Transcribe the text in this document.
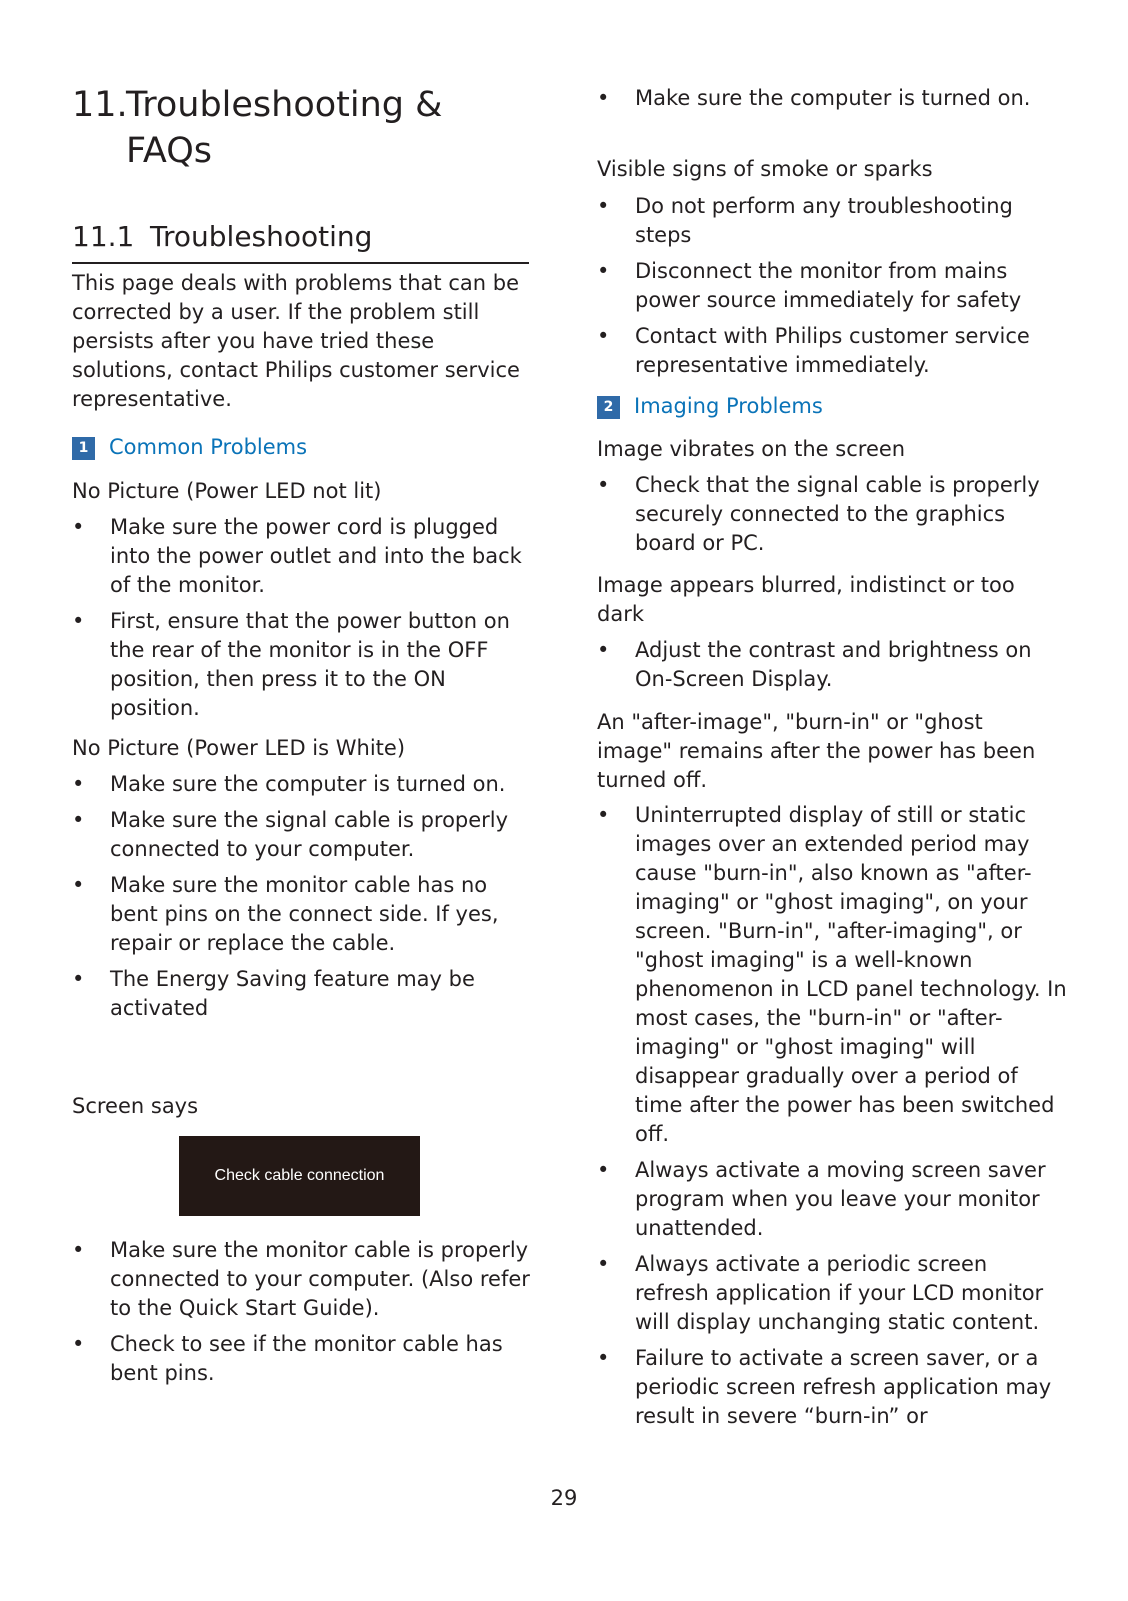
11.Troubleshooting &
FAQs
11.1 Troubleshooting

This page deals with problems that can be corrected by a user. If the problem still persists after you have tried these solutions, contact Philips customer service representative.

1 Common Problems
No Picture (Power LED not lit)
• Make sure the power cord is plugged into the power outlet and into the back of the monitor.
• First, ensure that the power button on the rear of the monitor is in the OFF position, then press it to the ON position.
No Picture (Power LED is White)
• Make sure the computer is turned on.
• Make sure the signal cable is properly connected to your computer.
• Make sure the monitor cable has no bent pins on the connect side. If yes, repair or replace the cable.
• The Energy Saving feature may be activated
Screen says
Check cable connection
• Make sure the monitor cable is properly connected to your computer. (Also refer to the Quick Start Guide).
• Check to see if the monitor cable has bent pins.
• Make sure the computer is turned on.
Visible signs of smoke or sparks
• Do not perform any troubleshooting steps
• Disconnect the monitor from mains power source immediately for safety
• Contact with Philips customer service representative immediately.
2 Imaging Problems
Image vibrates on the screen
• Check that the signal cable is properly securely connected to the graphics board or PC.
Image appears blurred, indistinct or too dark
• Adjust the contrast and brightness on On-Screen Display.
An "after-image", "burn-in" or "ghost image" remains after the power has been turned off.
• Uninterrupted display of still or static images over an extended period may cause "burn-in", also known as "after-imaging" or "ghost imaging", on your screen. "Burn-in", "after-imaging", or "ghost imaging" is a well-known phenomenon in LCD panel technology. In most cases, the "burn-in" or "after-imaging" or "ghost imaging" will disappear gradually over a period of time after the power has been switched off.
• Always activate a moving screen saver program when you leave your monitor unattended.
• Always activate a periodic screen refresh application if your LCD monitor will display unchanging static content.
• Failure to activate a screen saver, or a periodic screen refresh application may result in severe “burn-in” or
29
